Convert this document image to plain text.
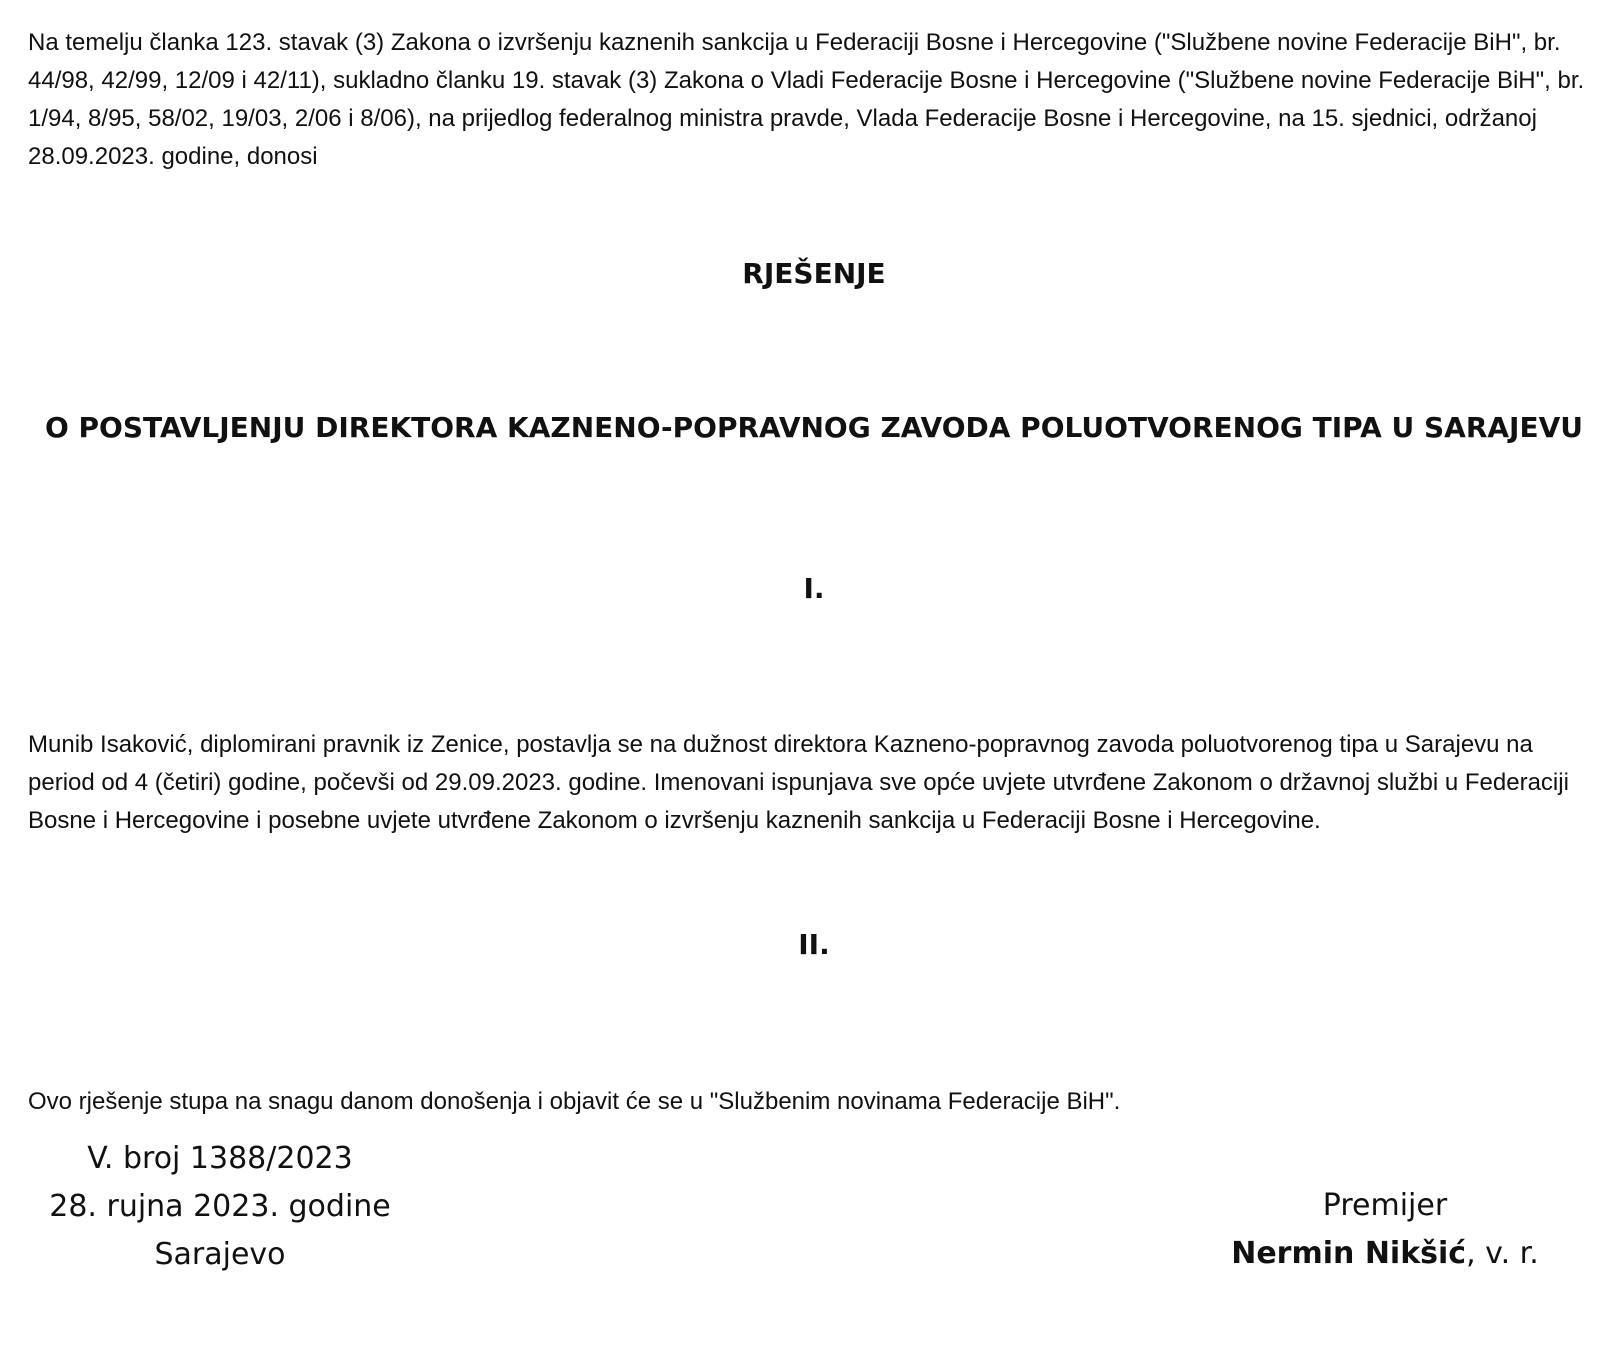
Na temelju članka 123. stavak (3) Zakona o izvršenju kaznenih sankcija u Federaciji Bosne i Hercegovine ("Službene novine Federacije BiH", br. 44/98, 42/99, 12/09 i 42/11), sukladno članku 19. stavak (3) Zakona o Vladi Federacije Bosne i Hercegovine ("Službene novine Federacije BiH", br. 1/94, 8/95, 58/02, 19/03, 2/06 i 8/06), na prijedlog federalnog ministra pravde, Vlada Federacije Bosne i Hercegovine, na 15. sjednici, održanoj 28.09.2023. godine, donosi

RJEŠENJE
O POSTAVLJENJU DIREKTORA KAZNENO-POPRAVNOG ZAVODA POLUOTVORENOG TIPA U SARAJEVU
I.

Munib Isaković, diplomirani pravnik iz Zenice, postavlja se na dužnost direktora Kazneno-popravnog zavoda poluotvorenog tipa u Sarajevu na period od 4 (četiri) godine, počevši od 29.09.2023. godine. Imenovani ispunjava sve opće uvjete utvrđene Zakonom o državnoj službi u Federaciji Bosne i Hercegovine i posebne uvjete utvrđene Zakonom o izvršenju kaznenih sankcija u Federaciji Bosne i Hercegovine.

II.

Ovo rješenje stupa na snagu danom donošenja i objavit će se u "Službenim novinama Federacije BiH".

V. broj 1388/2023
28. rujna 2023. godine
Sarajevo
Premijer
Nermin Nikšić, v. r.
